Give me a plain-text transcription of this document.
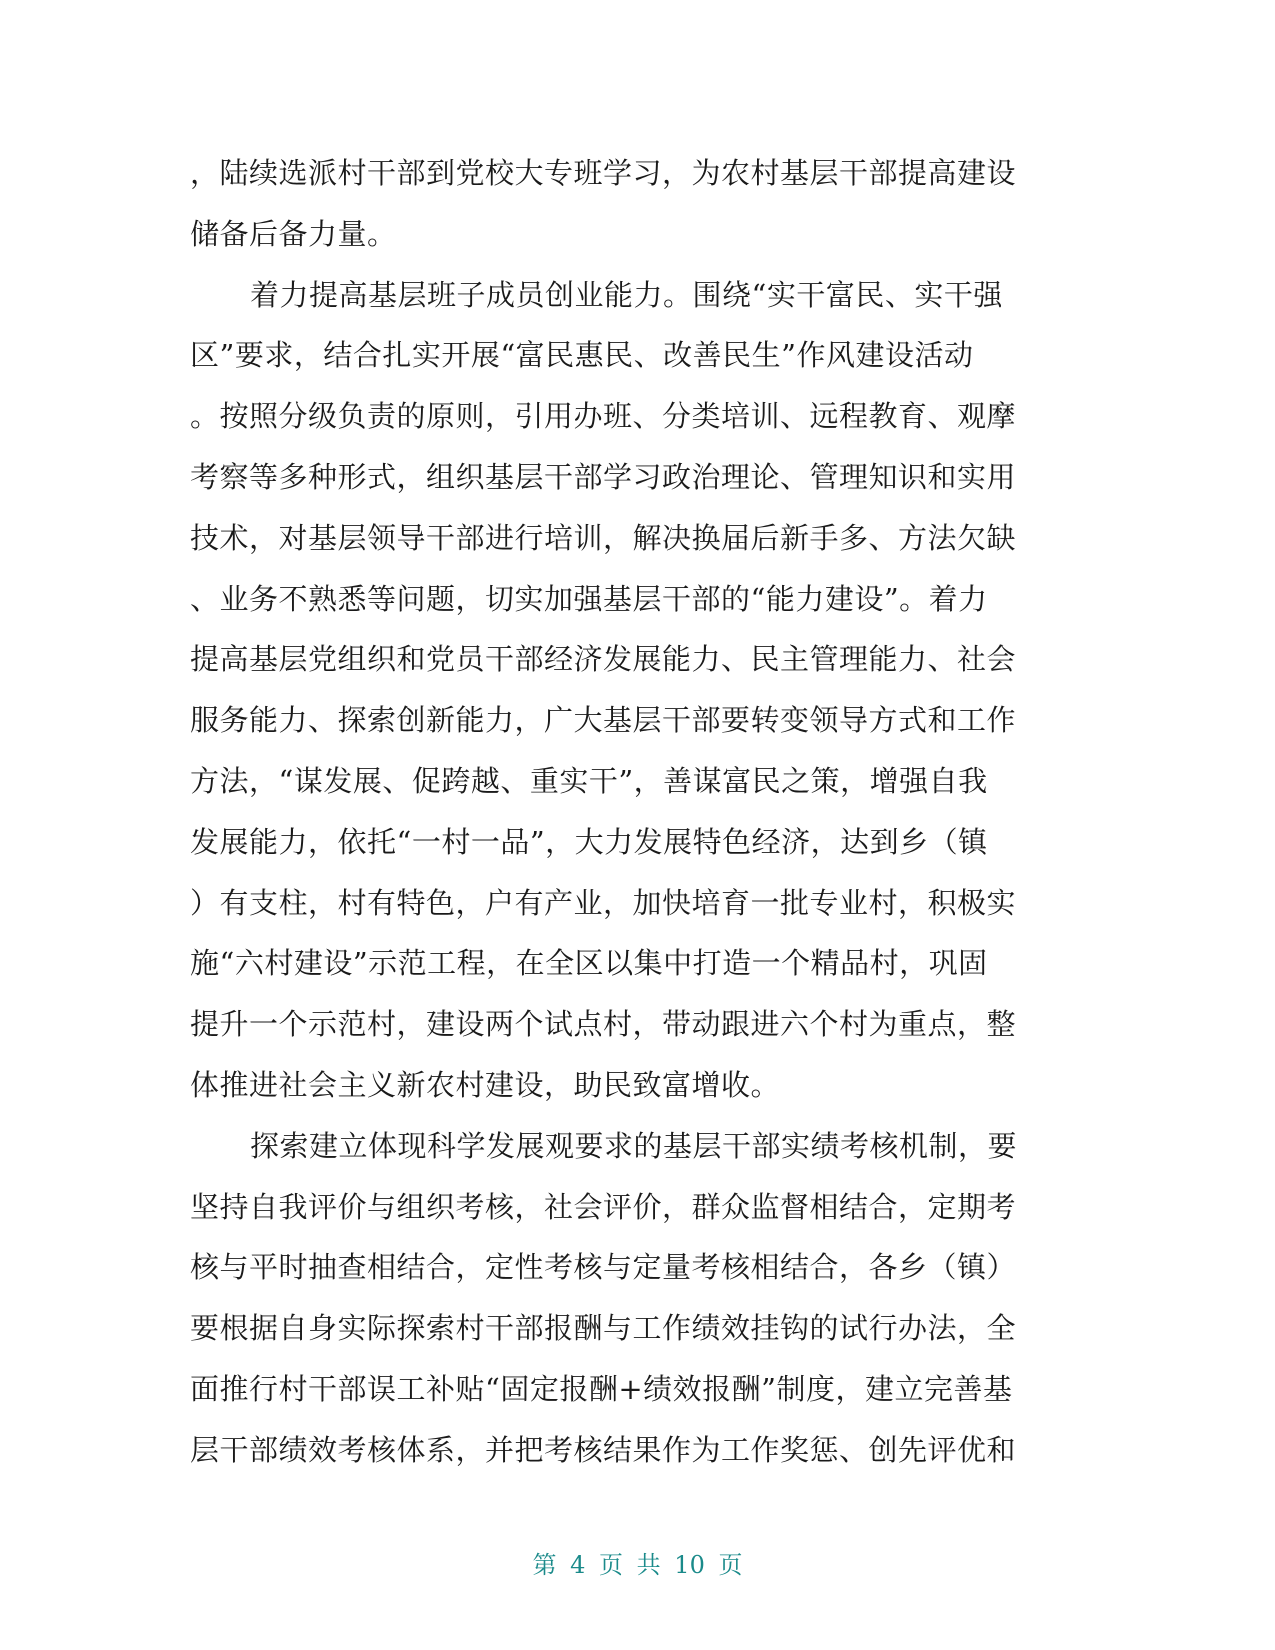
，陆续选派村干部到党校大专班学习，为农村基层干部提高建设
储备后备力量。
着力提高基层班子成员创业能力。围绕“实干富民、实干强
区”要求，结合扎实开展“富民惠民、改善民生”作风建设活动
。按照分级负责的原则，引用办班、分类培训、远程教育、观摩
考察等多种形式，组织基层干部学习政治理论、管理知识和实用
技术，对基层领导干部进行培训，解决换届后新手多、方法欠缺
、业务不熟悉等问题，切实加强基层干部的“能力建设”。着力
提高基层党组织和党员干部经济发展能力、民主管理能力、社会
服务能力、探索创新能力，广大基层干部要转变领导方式和工作
方法，“谋发展、促跨越、重实干”，善谋富民之策，增强自我
发展能力，依托“一村一品”，大力发展特色经济，达到乡（镇
）有支柱，村有特色，户有产业，加快培育一批专业村，积极实
施“六村建设”示范工程，在全区以集中打造一个精品村，巩固
提升一个示范村，建设两个试点村，带动跟进六个村为重点，整
体推进社会主义新农村建设，助民致富增收。
探索建立体现科学发展观要求的基层干部实绩考核机制，要
坚持自我评价与组织考核，社会评价，群众监督相结合，定期考
核与平时抽查相结合，定性考核与定量考核相结合，各乡（镇）
要根据自身实际探索村干部报酬与工作绩效挂钩的试行办法，全
面推行村干部误工补贴“固定报酬+绩效报酬”制度，建立完善基
层干部绩效考核体系，并把考核结果作为工作奖惩、创先评优和
第 4 页 共 10 页
